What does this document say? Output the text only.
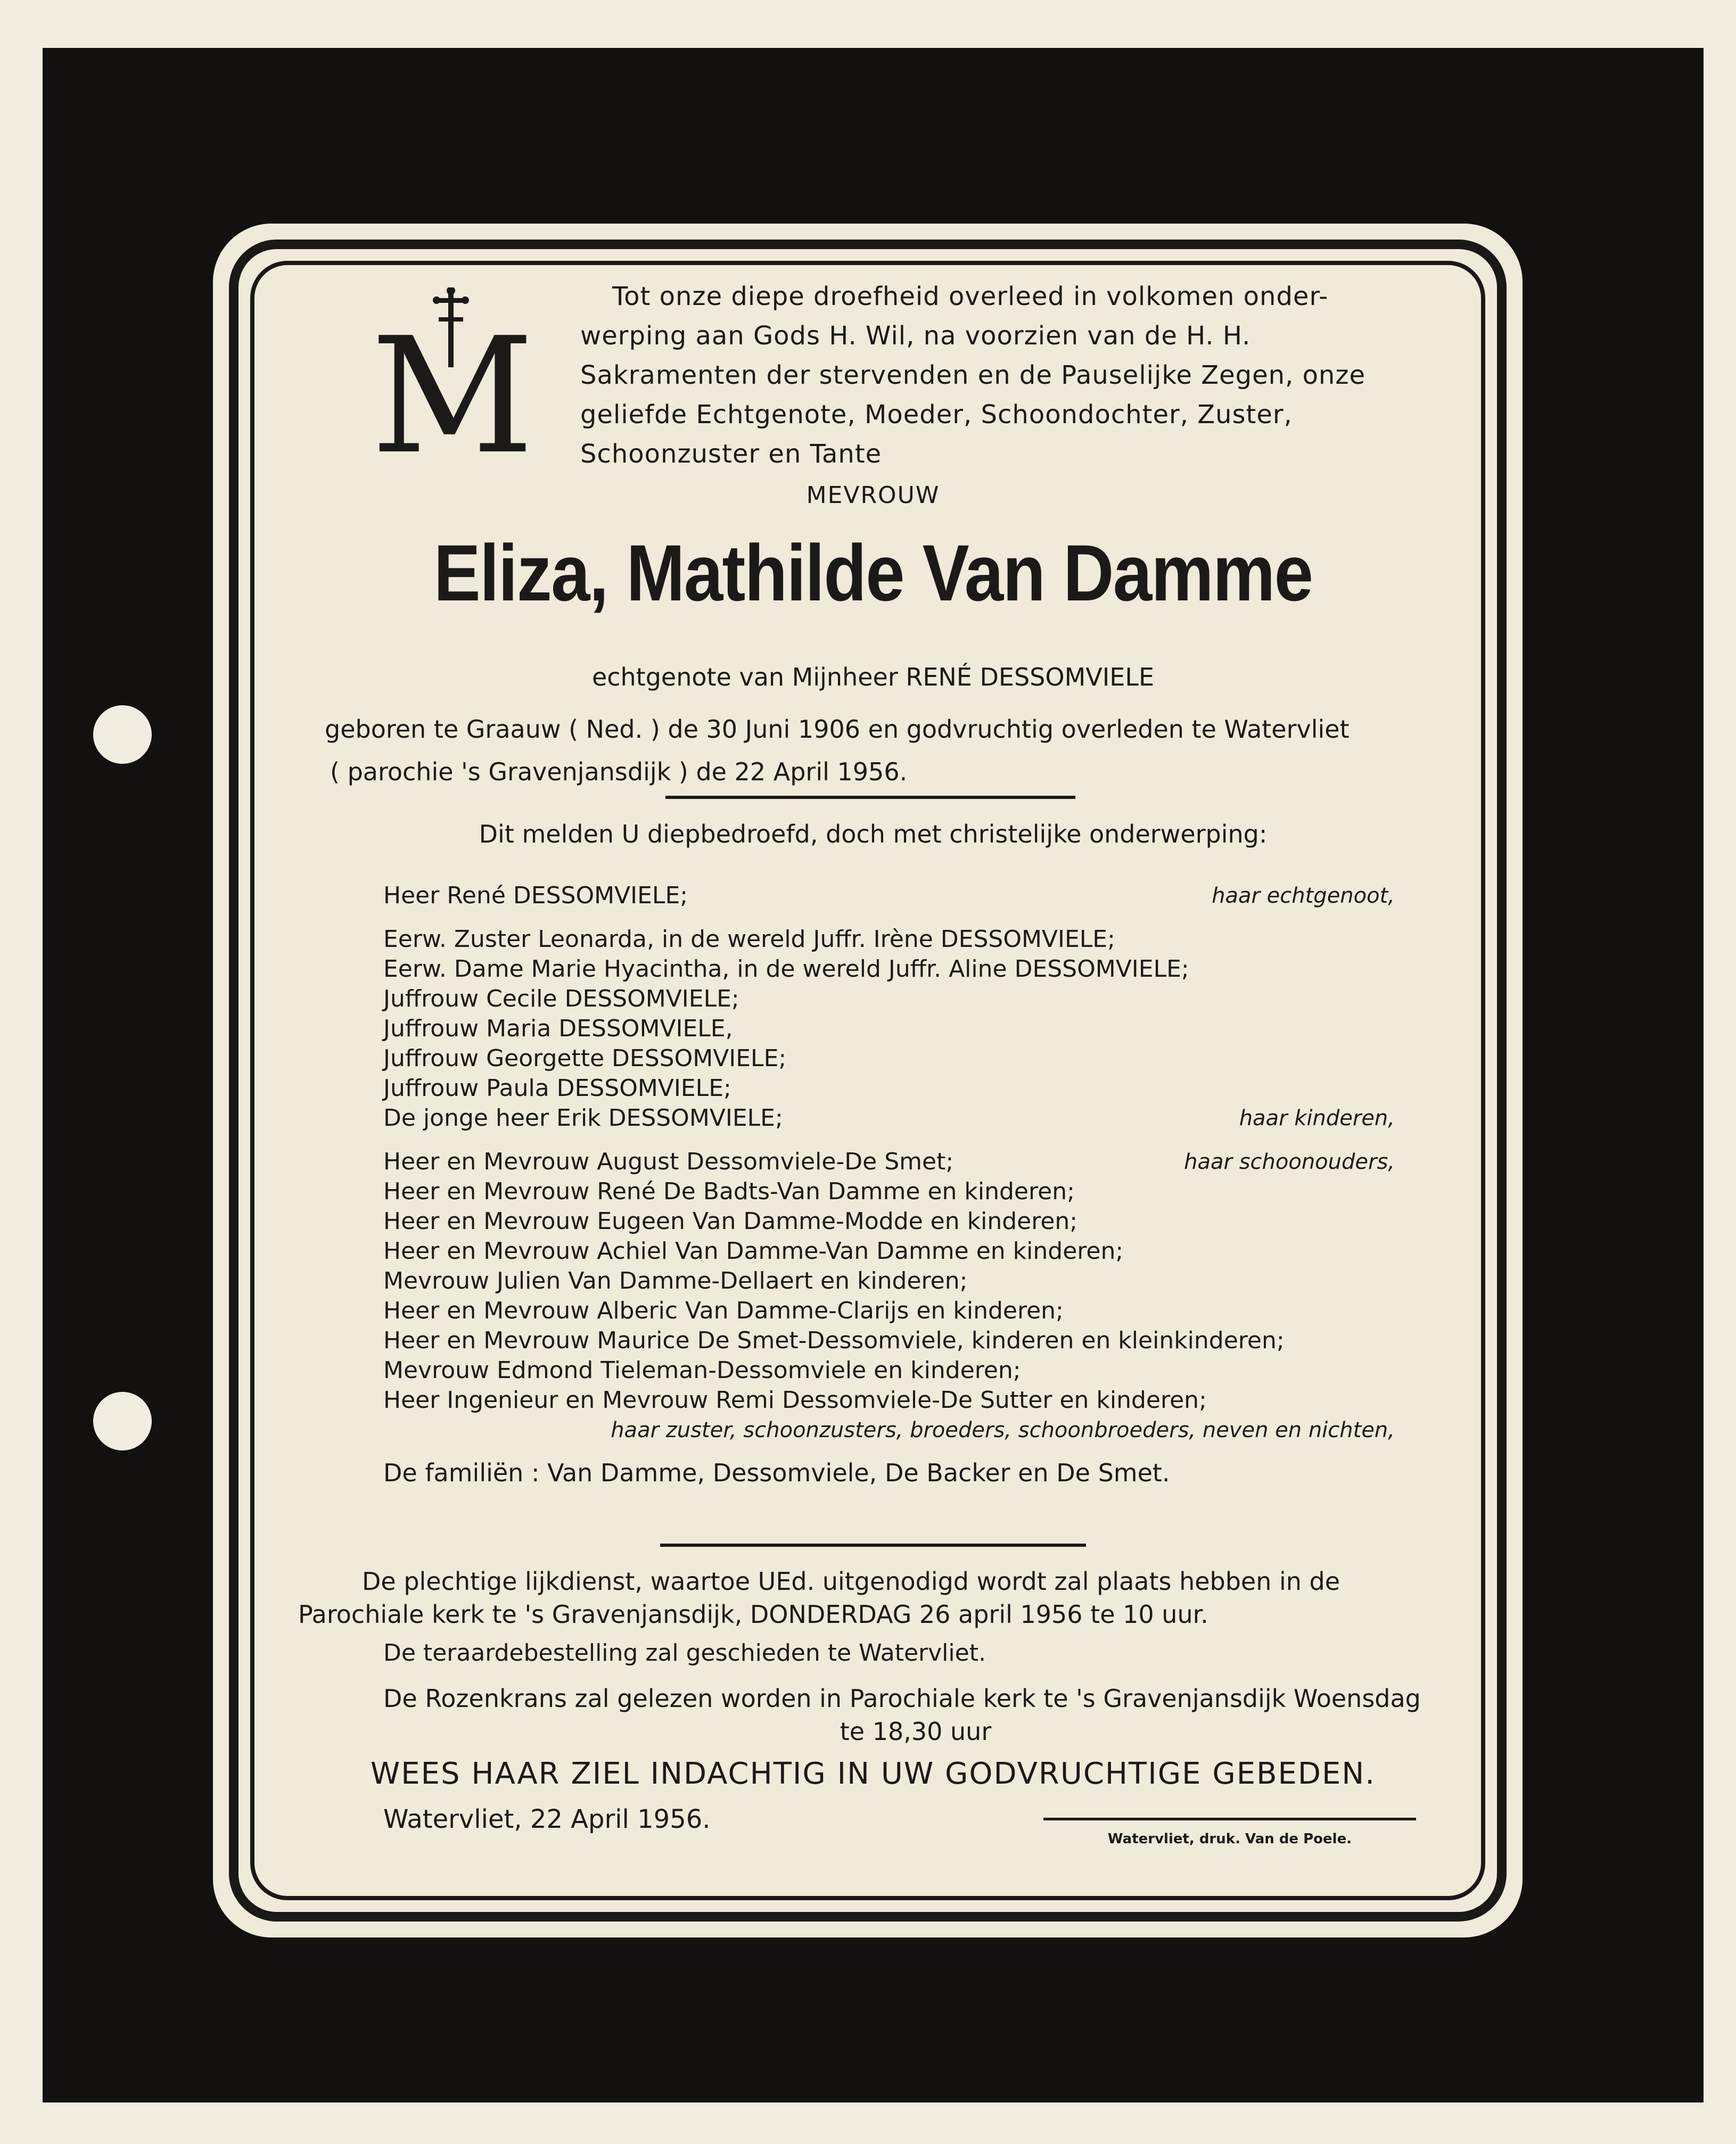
M

Tot onze diepe droefheid overleed in volkomen onder-

werping aan Gods H. Wil, na voorzien van de H. H.

Sakramenten der stervenden en de Pauselijke Zegen, onze

geliefde Echtgenote, Moeder, Schoondochter, Zuster,

Schoonzuster en Tante

MEVROUW
Eliza, Mathilde Van Damme
echtgenote van Mijnheer RENÉ DESSOMVIELE

geboren te Graauw ( Ned. ) de 30 Juni 1906 en godvruchtig overleden te Watervliet

( parochie 's Gravenjansdijk ) de 22 April 1956.

Dit melden U diepbedroefd, doch met christelijke onderwerping:
Heer René DESSOMVIELE;	haar echtgenoot,
Eerw. Zuster Leonarda, in de wereld Juffr. Irène DESSOMVIELE;
Eerw. Dame Marie Hyacintha, in de wereld Juffr. Aline DESSOMVIELE;
Juffrouw Cecile DESSOMVIELE;
Juffrouw Maria DESSOMVIELE,
Juffrouw Georgette DESSOMVIELE;
Juffrouw Paula DESSOMVIELE;
De jonge heer Erik DESSOMVIELE;	haar kinderen,
Heer en Mevrouw August Dessomviele-De Smet;	haar schoonouders,
Heer en Mevrouw René De Badts-Van Damme en kinderen;
Heer en Mevrouw Eugeen Van Damme-Modde en kinderen;
Heer en Mevrouw Achiel Van Damme-Van Damme en kinderen;
Mevrouw Julien Van Damme-Dellaert en kinderen;
Heer en Mevrouw Alberic Van Damme-Clarijs en kinderen;
Heer en Mevrouw Maurice De Smet-Dessomviele, kinderen en kleinkinderen;
Mevrouw Edmond Tieleman-Dessomviele en kinderen;
Heer Ingenieur en Mevrouw Remi Dessomviele-De Sutter en kinderen;
haar zuster, schoonzusters, broeders, schoonbroeders, neven en nichten,
De familiën : Van Damme, Dessomviele, De Backer en De Smet.

De plechtige lijkdienst, waartoe UEd. uitgenodigd wordt zal plaats hebben in de

Parochiale kerk te 's Gravenjansdijk, DONDERDAG 26 april 1956 te 10 uur.

De teraardebestelling zal geschieden te Watervliet.

De Rozenkrans zal gelezen worden in Parochiale kerk te 's Gravenjansdijk Woensdag

te 18,30 uur

WEES HAAR ZIEL INDACHTIG IN UW GODVRUCHTIGE GEBEDEN.
Watervliet, 22 April 1956.
Watervliet, druk. Van de Poele.
